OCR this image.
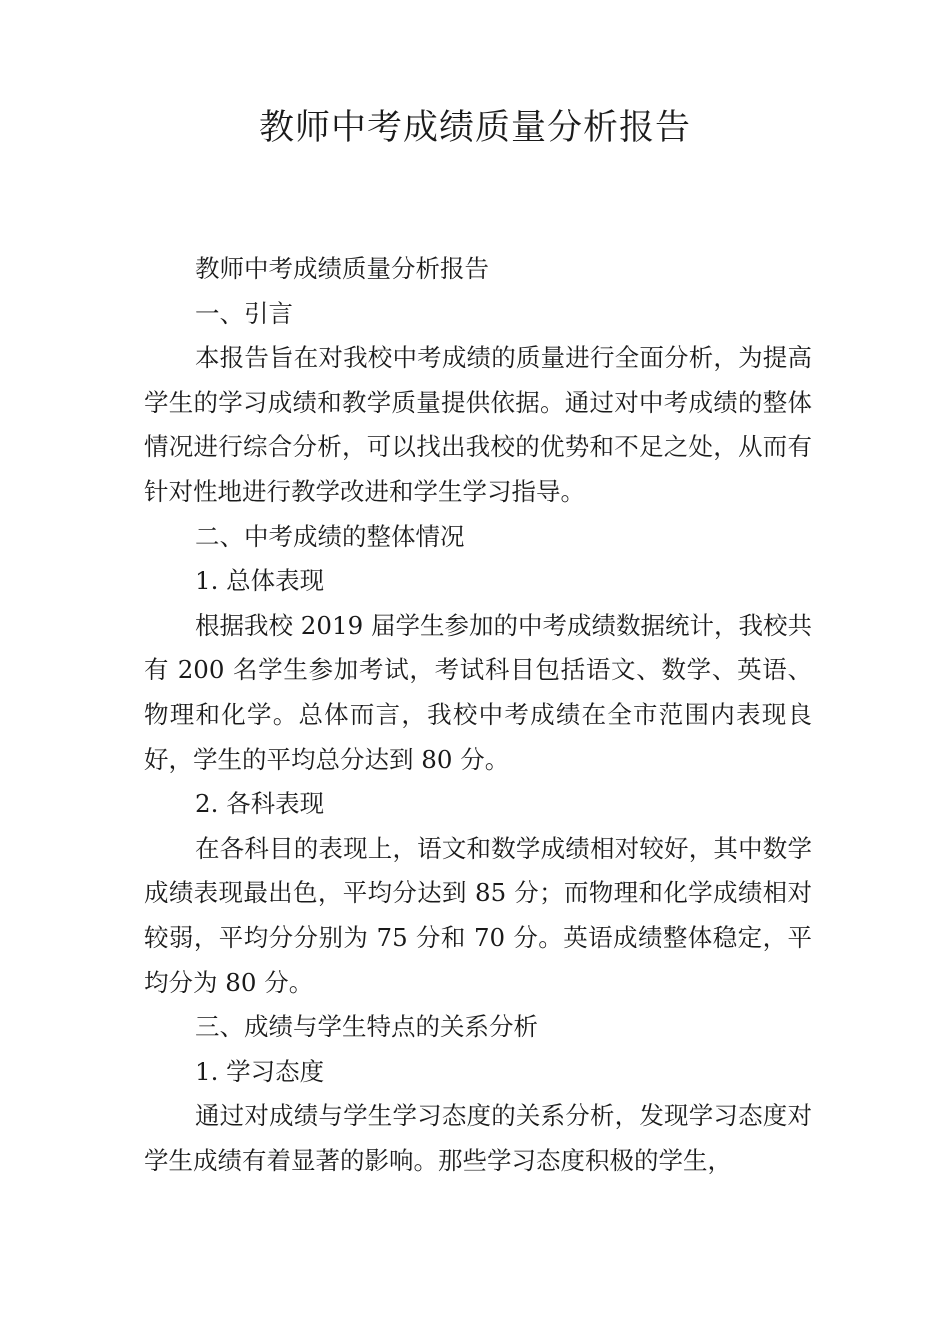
教师中考成绩质量分析报告

教师中考成绩质量分析报告

一、引言

本报告旨在对我校中考成绩的质量进行全面分析，为提高学生的学习成绩和教学质量提供依据。通过对中考成绩的整体情况进行综合分析，可以找出我校的优势和不足之处，从而有针对性地进行教学改进和学生学习指导。

二、中考成绩的整体情况

1. 总体表现

根据我校 2019 届学生参加的中考成绩数据统计，我校共有 200 名学生参加考试，考试科目包括语文、数学、英语、物理和化学。总体而言，我校中考成绩在全市范围内表现良好，学生的平均总分达到 80 分。

2. 各科表现

在各科目的表现上，语文和数学成绩相对较好，其中数学成绩表现最出色，平均分达到 85 分；而物理和化学成绩相对较弱，平均分分别为 75 分和 70 分。英语成绩整体稳定，平均分为 80 分。

三、成绩与学生特点的关系分析

1. 学习态度

通过对成绩与学生学习态度的关系分析，发现学习态度对学生成绩有着显著的影响。那些学习态度积极的学生，
